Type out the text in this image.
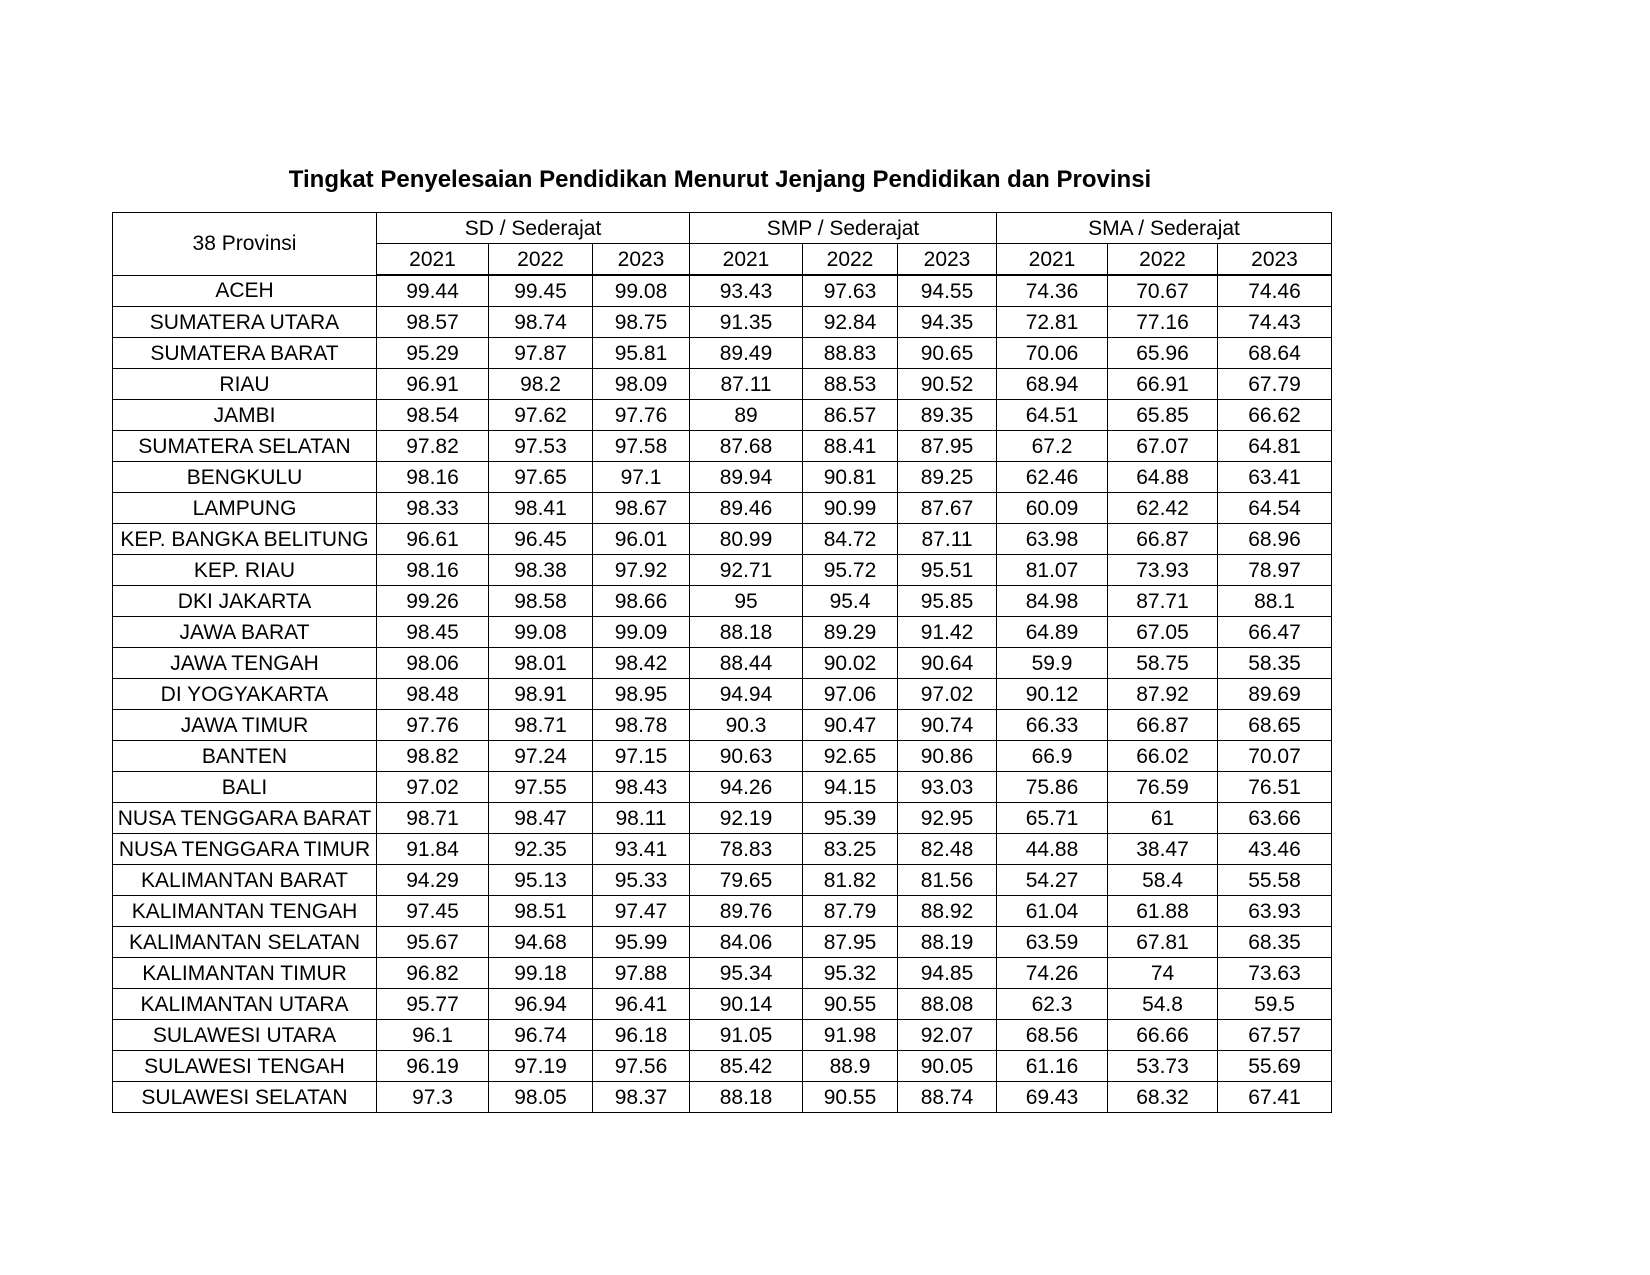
Tingkat Penyelesaian Pendidikan Menurut Jenjang Pendidikan dan Provinsi
38 Provinsi	SD / Sederajat			SMP / Sederajat			SMA / Sederajat		
	2021	2022	2023	2021	2022	2023	2021	2022	2023
ACEH	99.44	99.45	99.08	93.43	97.63	94.55	74.36	70.67	74.46
SUMATERA UTARA	98.57	98.74	98.75	91.35	92.84	94.35	72.81	77.16	74.43
SUMATERA BARAT	95.29	97.87	95.81	89.49	88.83	90.65	70.06	65.96	68.64
RIAU	96.91	98.2	98.09	87.11	88.53	90.52	68.94	66.91	67.79
JAMBI	98.54	97.62	97.76	89	86.57	89.35	64.51	65.85	66.62
SUMATERA SELATAN	97.82	97.53	97.58	87.68	88.41	87.95	67.2	67.07	64.81
BENGKULU	98.16	97.65	97.1	89.94	90.81	89.25	62.46	64.88	63.41
LAMPUNG	98.33	98.41	98.67	89.46	90.99	87.67	60.09	62.42	64.54
KEP. BANGKA BELITUNG	96.61	96.45	96.01	80.99	84.72	87.11	63.98	66.87	68.96
KEP. RIAU	98.16	98.38	97.92	92.71	95.72	95.51	81.07	73.93	78.97
DKI JAKARTA	99.26	98.58	98.66	95	95.4	95.85	84.98	87.71	88.1
JAWA BARAT	98.45	99.08	99.09	88.18	89.29	91.42	64.89	67.05	66.47
JAWA TENGAH	98.06	98.01	98.42	88.44	90.02	90.64	59.9	58.75	58.35
DI YOGYAKARTA	98.48	98.91	98.95	94.94	97.06	97.02	90.12	87.92	89.69
JAWA TIMUR	97.76	98.71	98.78	90.3	90.47	90.74	66.33	66.87	68.65
BANTEN	98.82	97.24	97.15	90.63	92.65	90.86	66.9	66.02	70.07
BALI	97.02	97.55	98.43	94.26	94.15	93.03	75.86	76.59	76.51
NUSA TENGGARA BARAT	98.71	98.47	98.11	92.19	95.39	92.95	65.71	61	63.66
NUSA TENGGARA TIMUR	91.84	92.35	93.41	78.83	83.25	82.48	44.88	38.47	43.46
KALIMANTAN BARAT	94.29	95.13	95.33	79.65	81.82	81.56	54.27	58.4	55.58
KALIMANTAN TENGAH	97.45	98.51	97.47	89.76	87.79	88.92	61.04	61.88	63.93
KALIMANTAN SELATAN	95.67	94.68	95.99	84.06	87.95	88.19	63.59	67.81	68.35
KALIMANTAN TIMUR	96.82	99.18	97.88	95.34	95.32	94.85	74.26	74	73.63
KALIMANTAN UTARA	95.77	96.94	96.41	90.14	90.55	88.08	62.3	54.8	59.5
SULAWESI UTARA	96.1	96.74	96.18	91.05	91.98	92.07	68.56	66.66	67.57
SULAWESI TENGAH	96.19	97.19	97.56	85.42	88.9	90.05	61.16	53.73	55.69
SULAWESI SELATAN	97.3	98.05	98.37	88.18	90.55	88.74	69.43	68.32	67.41
